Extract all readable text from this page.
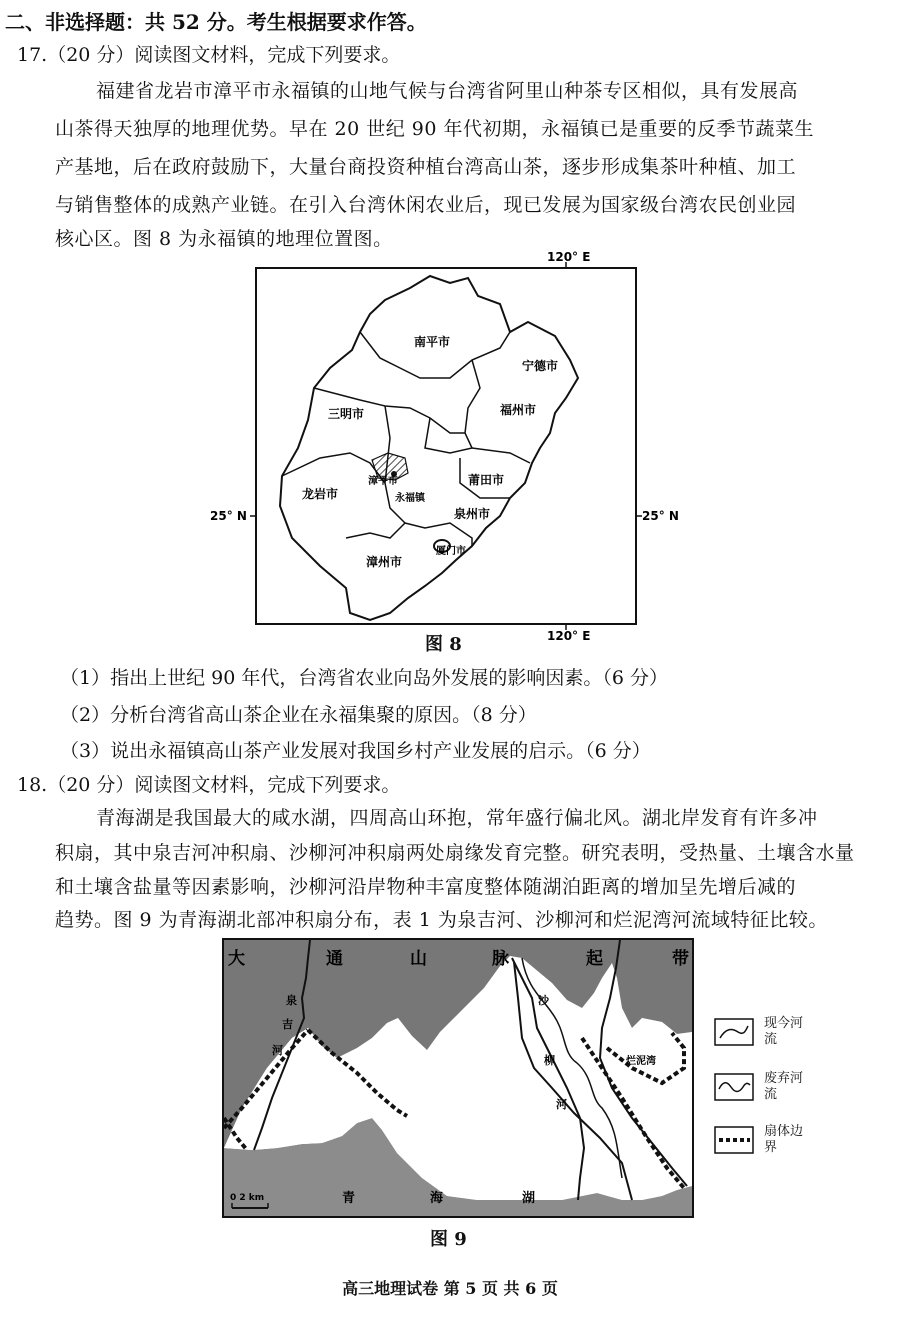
二、非选择题：共 52 分。考生根据要求作答。
17.（20 分）阅读图文材料，完成下列要求。
福建省龙岩市漳平市永福镇的山地气候与台湾省阿里山种茶专区相似，具有发展高
山茶得天独厚的地理优势。早在 20 世纪 90 年代初期，永福镇已是重要的反季节蔬菜生
产基地，后在政府鼓励下，大量台商投资种植台湾高山茶，逐步形成集茶叶种植、加工
与销售整体的成熟产业链。在引入台湾休闲农业后，现已发展为国家级台湾农民创业园
核心区。图 8 为永福镇的地理位置图。
120° E
120° E
25° N	25° N
南平市
宁德市
三明市	福州市
龙岩市
莆田市
泉州市
漳州市
厦门市
漳平市
永福镇
图 8
（1）指出上世纪 90 年代，台湾省农业向岛外发展的影响因素。（6 分）
（2）分析台湾省高山茶企业在永福集聚的原因。（8 分）
（3）说出永福镇高山茶产业发展对我国乡村产业发展的启示。（6 分）
18.（20 分）阅读图文材料，完成下列要求。
青海湖是我国最大的咸水湖，四周高山环抱，常年盛行偏北风。湖北岸发育有许多冲
积扇，其中泉吉河冲积扇、沙柳河冲积扇两处扇缘发育完整。研究表明，受热量、土壤含水量
和土壤含盐量等因素影响，沙柳河沿岸物种丰富度整体随湖泊距离的增加呈先增后减的
趋势。图 9 为青海湖北部冲积扇分布，表 1 为泉吉河、沙柳河和烂泥湾河流域特征比较。
大	通	山	脉	起	带
泉
吉
河
沙
柳
河
烂泥湾
青	海	湖
0 2 km
现今河流
废弃河流
扇体边界
图 9
高三地理试卷 第 5 页 共 6 页
